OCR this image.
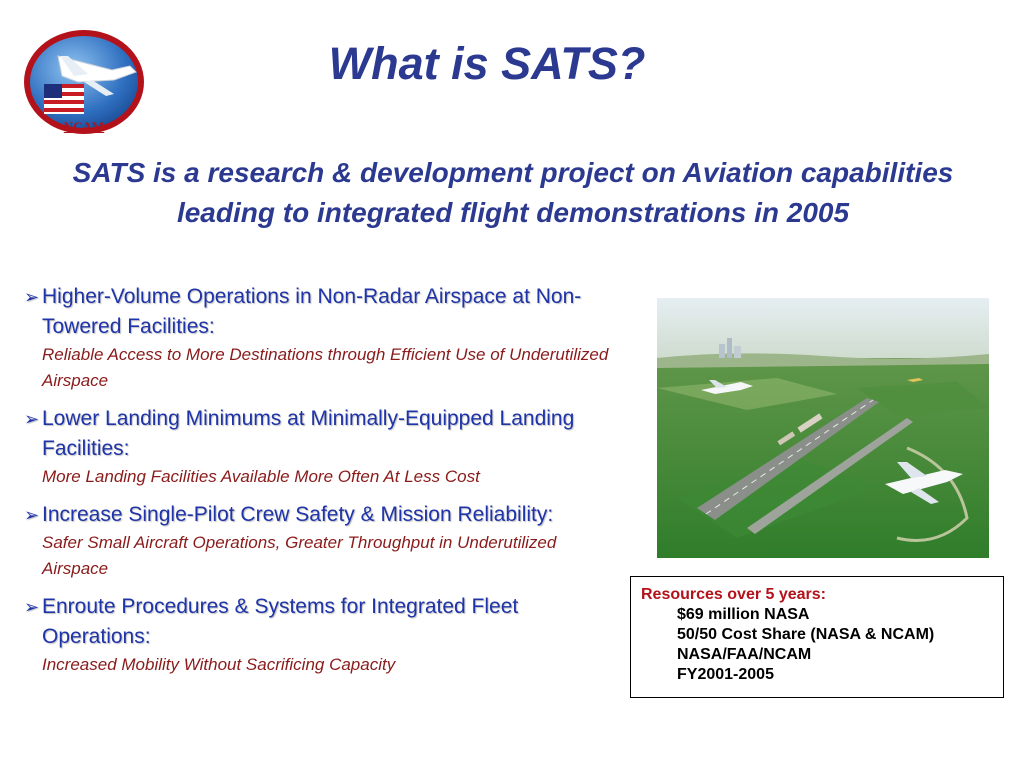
NCAM
What is SATS?

SATS is a research & development project on Aviation capabilities leading to integrated flight demonstrations in 2005

➢ Higher-Volume Operations in Non-Radar Airspace at Non-Towered Facilities:

Reliable Access to More Destinations through Efficient Use of Underutilized Airspace

➢ Lower Landing Minimums at Minimally-Equipped Landing Facilities:

More Landing Facilities Available More Often At Less Cost

➢ Increase Single-Pilot Crew Safety & Mission Reliability:

Safer Small Aircraft Operations, Greater Throughput in Underutilized Airspace

➢ Enroute Procedures & Systems for Integrated Fleet Operations:

Increased Mobility Without Sacrificing Capacity

Resources over 5 years:
$69 million NASA
50/50 Cost Share (NASA & NCAM)
NASA/FAA/NCAM
FY2001-2005
